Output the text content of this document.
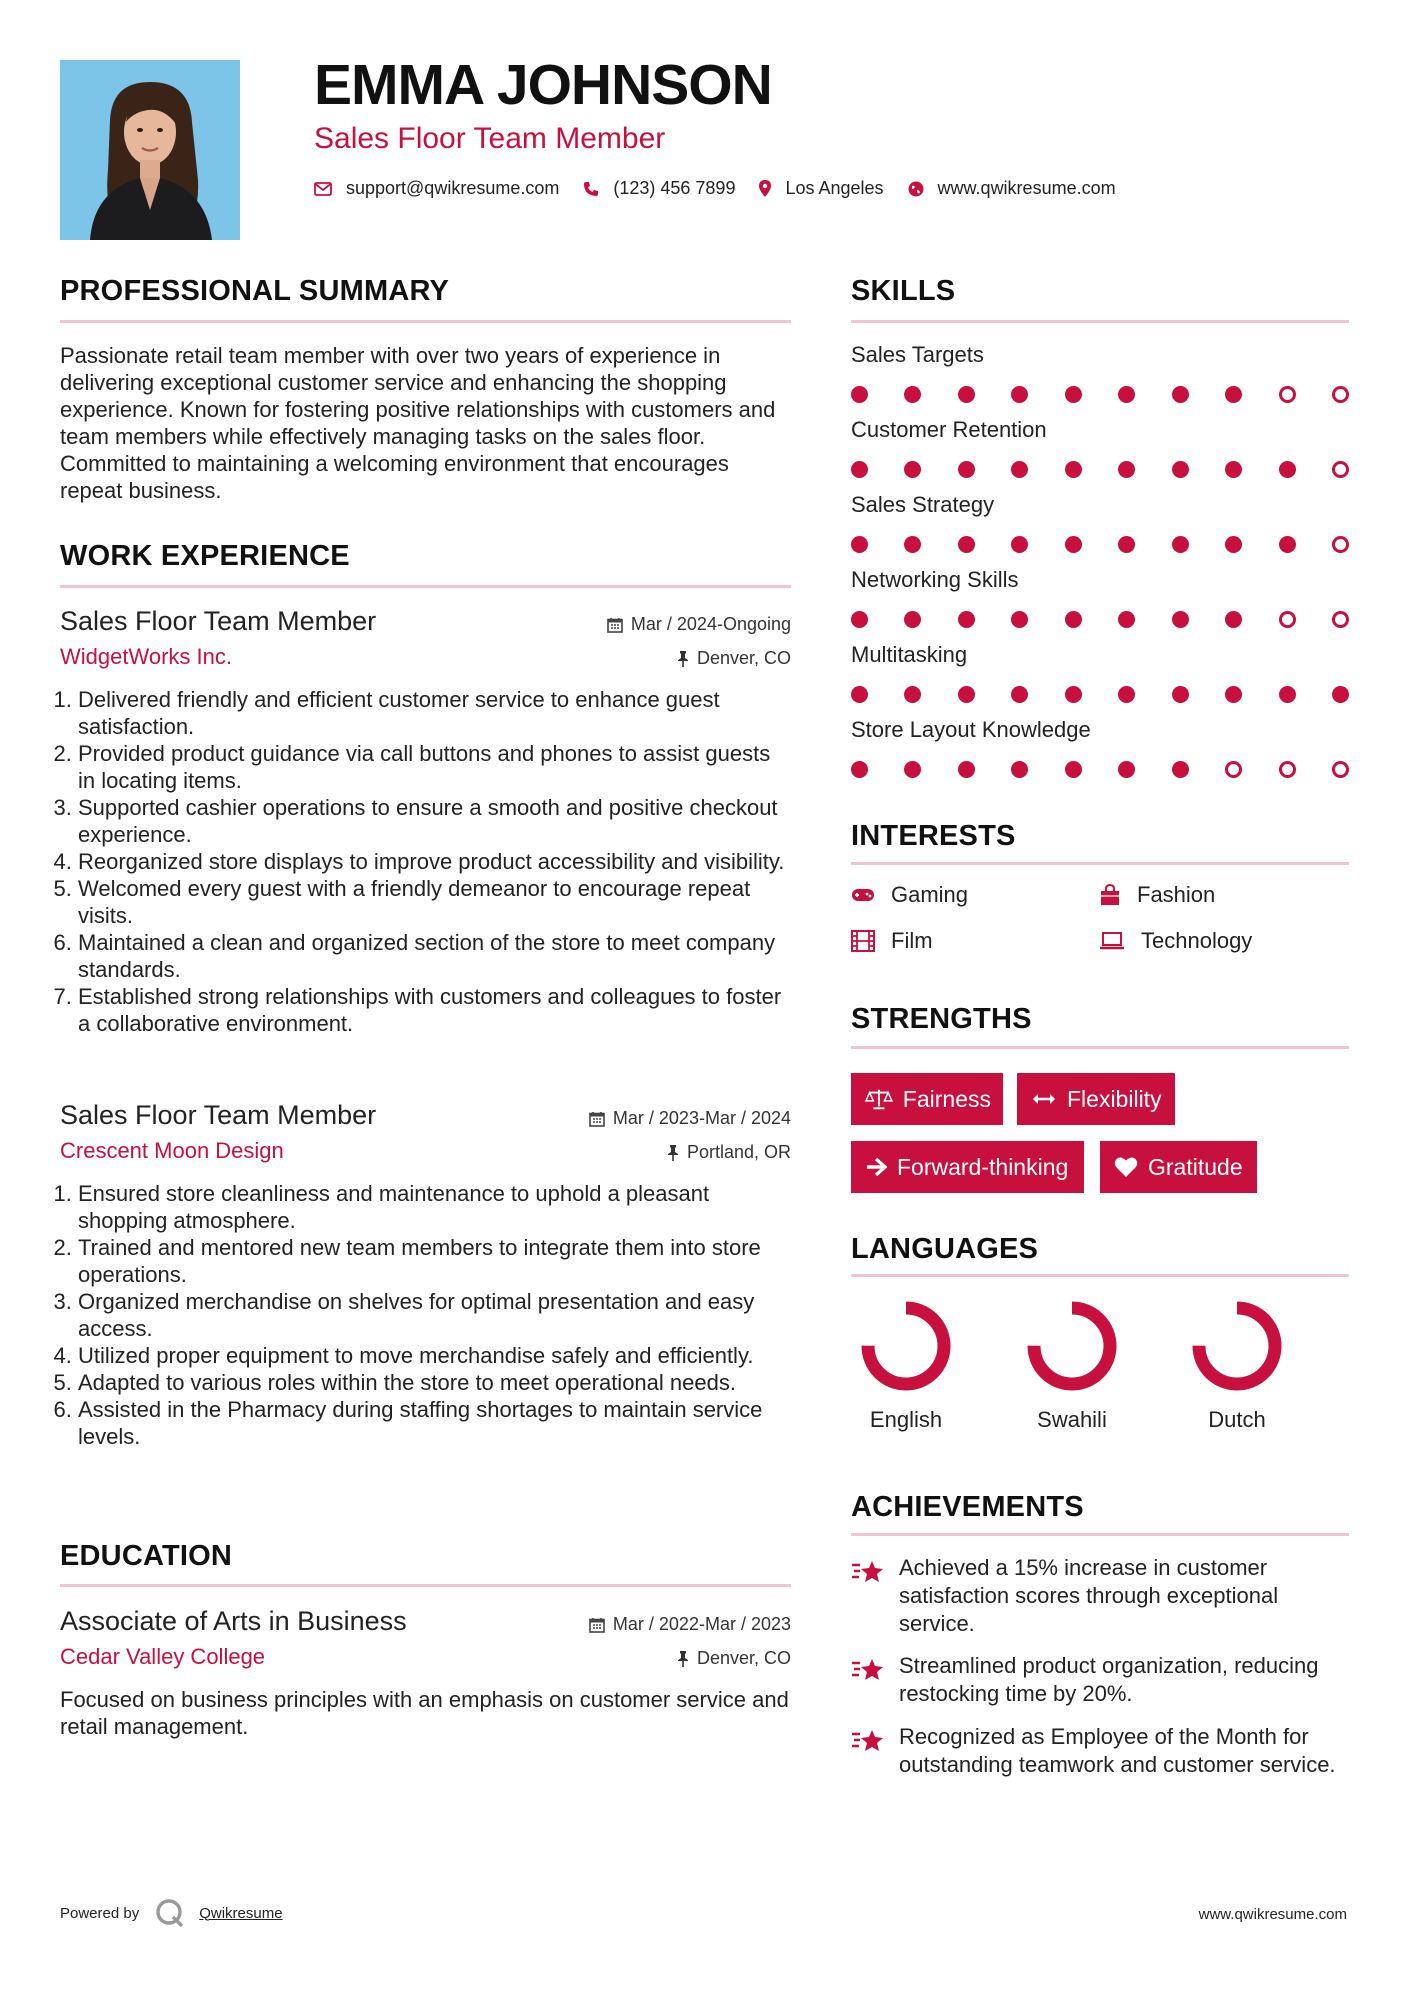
EMMA JOHNSON
Sales Floor Team Member
support@qwikresume.com	(123) 456 7899	Los Angeles	www.qwikresume.com
PROFESSIONAL SUMMARY
Passionate retail team member with over two years of experience in delivering exceptional customer service and enhancing the shopping experience. Known for fostering positive relationships with customers and team members while effectively managing tasks on the sales floor. Committed to maintaining a welcoming environment that encourages repeat business.
WORK EXPERIENCE
Sales Floor Team Member
WidgetWorks Inc.
Mar / 2024-Ongoing
Denver, CO
1. Delivered friendly and efficient customer service to enhance guest satisfaction.
2. Provided product guidance via call buttons and phones to assist guests in locating items.
3. Supported cashier operations to ensure a smooth and positive checkout experience.
4. Reorganized store displays to improve product accessibility and visibility.
5. Welcomed every guest with a friendly demeanor to encourage repeat visits.
6. Maintained a clean and organized section of the store to meet company standards.
7. Established strong relationships with customers and colleagues to foster a collaborative environment.
Sales Floor Team Member
Crescent Moon Design
Mar / 2023-Mar / 2024
Portland, OR
1. Ensured store cleanliness and maintenance to uphold a pleasant shopping atmosphere.
2. Trained and mentored new team members to integrate them into store operations.
3. Organized merchandise on shelves for optimal presentation and easy access.
4. Utilized proper equipment to move merchandise safely and efficiently.
5. Adapted to various roles within the store to meet operational needs.
6. Assisted in the Pharmacy during staffing shortages to maintain service levels.
EDUCATION
Associate of Arts in Business
Cedar Valley College
Mar / 2022-Mar / 2023
Denver, CO
Focused on business principles with an emphasis on customer service and retail management.
SKILLS
Sales Targets
Customer Retention
Sales Strategy
Networking Skills
Multitasking
Store Layout Knowledge
INTERESTS
Gaming	Fashion
Film	Technology
STRENGTHS
Fairness	Flexibility
Forward-thinking	Gratitude
LANGUAGES
English	Swahili	Dutch
ACHIEVEMENTS
Achieved a 15% increase in customer satisfaction scores through exceptional service.
Streamlined product organization, reducing restocking time by 20%.
Recognized as Employee of the Month for outstanding teamwork and customer service.
Powered by	Qwikresume	www.qwikresume.com
